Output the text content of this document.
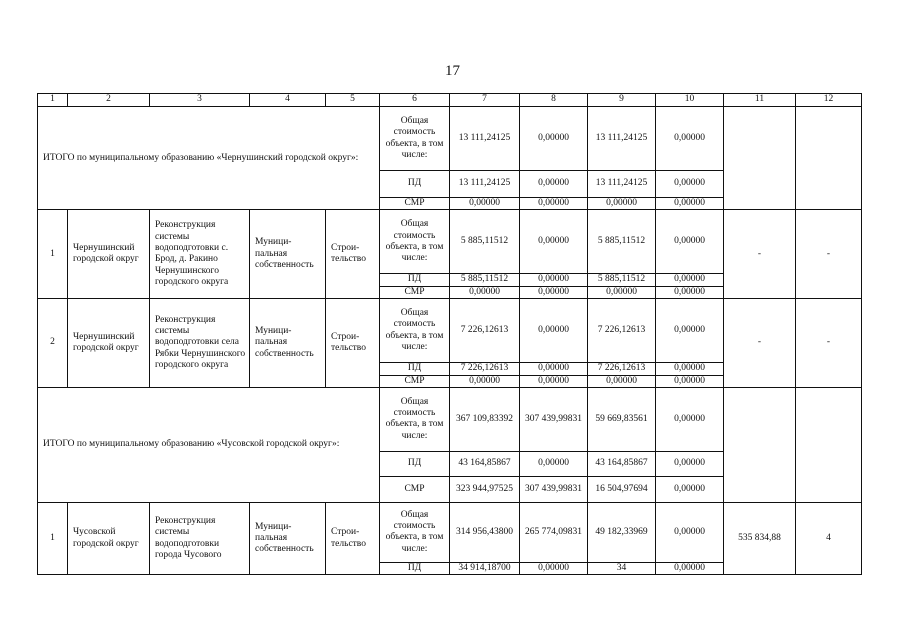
17
1	2	3	4	5	6	7	8	9	10	11	12
ИТОГО по муниципальному образованию «Чернушинский городской округ»:					Общая стоимость объекта, в том числе:	13 111,24125	0,00000	13 111,24125	0,00000		
					ПД	13 111,24125	0,00000	13 111,24125	0,00000		
					СМР	0,00000	0,00000	0,00000	0,00000		
1	Чернушинский городской округ	Реконструкция системы водоподготовки с. Брод, д. Ракино Чернушинского городского округа	Муници-пальная собственность	Строи-тельство	Общая стоимость объекта, в том числе:	5 885,11512	0,00000	5 885,11512	0,00000	-	-
					ПД	5 885,11512	0,00000	5 885,11512	0,00000		
					СМР	0,00000	0,00000	0,00000	0,00000		
2	Чернушинский городской округ	Реконструкция системы водоподготовки села Рябки Чернушинского городского округа	Муници-пальная собственность	Строи-тельство	Общая стоимость объекта, в том числе:	7 226,12613	0,00000	7 226,12613	0,00000	-	-
					ПД	7 226,12613	0,00000	7 226,12613	0,00000		
					СМР	0,00000	0,00000	0,00000	0,00000		
ИТОГО по муниципальному образованию «Чусовской городской округ»:					Общая стоимость объекта, в том числе:	367 109,83392	307 439,99831	59 669,83561	0,00000		
					ПД	43 164,85867	0,00000	43 164,85867	0,00000		
					СМР	323 944,97525	307 439,99831	16 504,97694	0,00000		
1	Чусовской городской округ	Реконструкция системы водоподготовки города Чусового	Муници-пальная собственность	Строи-тельство	Общая стоимость объекта, в том числе:	314 956,43800	265 774,09831	49 182,33969	0,00000	535 834,88	4
					ПД	34 914,18700	0,00000	34	0,00000		
